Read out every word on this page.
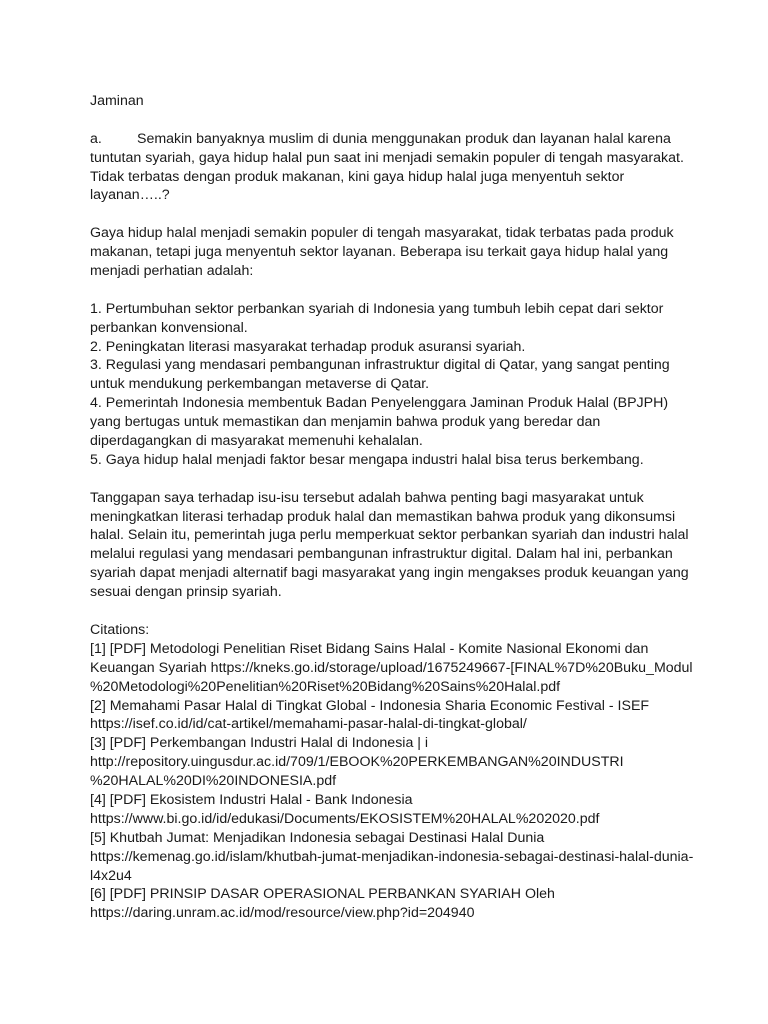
Jaminan
a. Semakin banyaknya muslim di dunia menggunakan produk dan layanan halal karena
tuntutan syariah, gaya hidup halal pun saat ini menjadi semakin populer di tengah masyarakat.
Tidak terbatas dengan produk makanan, kini gaya hidup halal juga menyentuh sektor
layanan…..?
Gaya hidup halal menjadi semakin populer di tengah masyarakat, tidak terbatas pada produk
makanan, tetapi juga menyentuh sektor layanan. Beberapa isu terkait gaya hidup halal yang
menjadi perhatian adalah:
1. Pertumbuhan sektor perbankan syariah di Indonesia yang tumbuh lebih cepat dari sektor
perbankan konvensional.
2. Peningkatan literasi masyarakat terhadap produk asuransi syariah.
3. Regulasi yang mendasari pembangunan infrastruktur digital di Qatar, yang sangat penting
untuk mendukung perkembangan metaverse di Qatar.
4. Pemerintah Indonesia membentuk Badan Penyelenggara Jaminan Produk Halal (BPJPH)
yang bertugas untuk memastikan dan menjamin bahwa produk yang beredar dan
diperdagangkan di masyarakat memenuhi kehalalan.
5. Gaya hidup halal menjadi faktor besar mengapa industri halal bisa terus berkembang.
Tanggapan saya terhadap isu-isu tersebut adalah bahwa penting bagi masyarakat untuk
meningkatkan literasi terhadap produk halal dan memastikan bahwa produk yang dikonsumsi
halal. Selain itu, pemerintah juga perlu memperkuat sektor perbankan syariah dan industri halal
melalui regulasi yang mendasari pembangunan infrastruktur digital. Dalam hal ini, perbankan
syariah dapat menjadi alternatif bagi masyarakat yang ingin mengakses produk keuangan yang
sesuai dengan prinsip syariah.
Citations:
[1] [PDF] Metodologi Penelitian Riset Bidang Sains Halal - Komite Nasional Ekonomi dan
Keuangan Syariah https://kneks.go.id/storage/upload/1675249667-[FINAL%7D%20Buku_Modul
%20Metodologi%20Penelitian%20Riset%20Bidang%20Sains%20Halal.pdf
[2] Memahami Pasar Halal di Tingkat Global - Indonesia Sharia Economic Festival - ISEF
https://isef.co.id/id/cat-artikel/memahami-pasar-halal-di-tingkat-global/
[3] [PDF] Perkembangan Industri Halal di Indonesia | i
http://repository.uingusdur.ac.id/709/1/EBOOK%20PERKEMBANGAN%20INDUSTRI
%20HALAL%20DI%20INDONESIA.pdf
[4] [PDF] Ekosistem Industri Halal - Bank Indonesia
https://www.bi.go.id/id/edukasi/Documents/EKOSISTEM%20HALAL%202020.pdf
[5] Khutbah Jumat: Menjadikan Indonesia sebagai Destinasi Halal Dunia
https://kemenag.go.id/islam/khutbah-jumat-menjadikan-indonesia-sebagai-destinasi-halal-dunia-
l4x2u4
[6] [PDF] PRINSIP DASAR OPERASIONAL PERBANKAN SYARIAH Oleh
https://daring.unram.ac.id/mod/resource/view.php?id=204940
